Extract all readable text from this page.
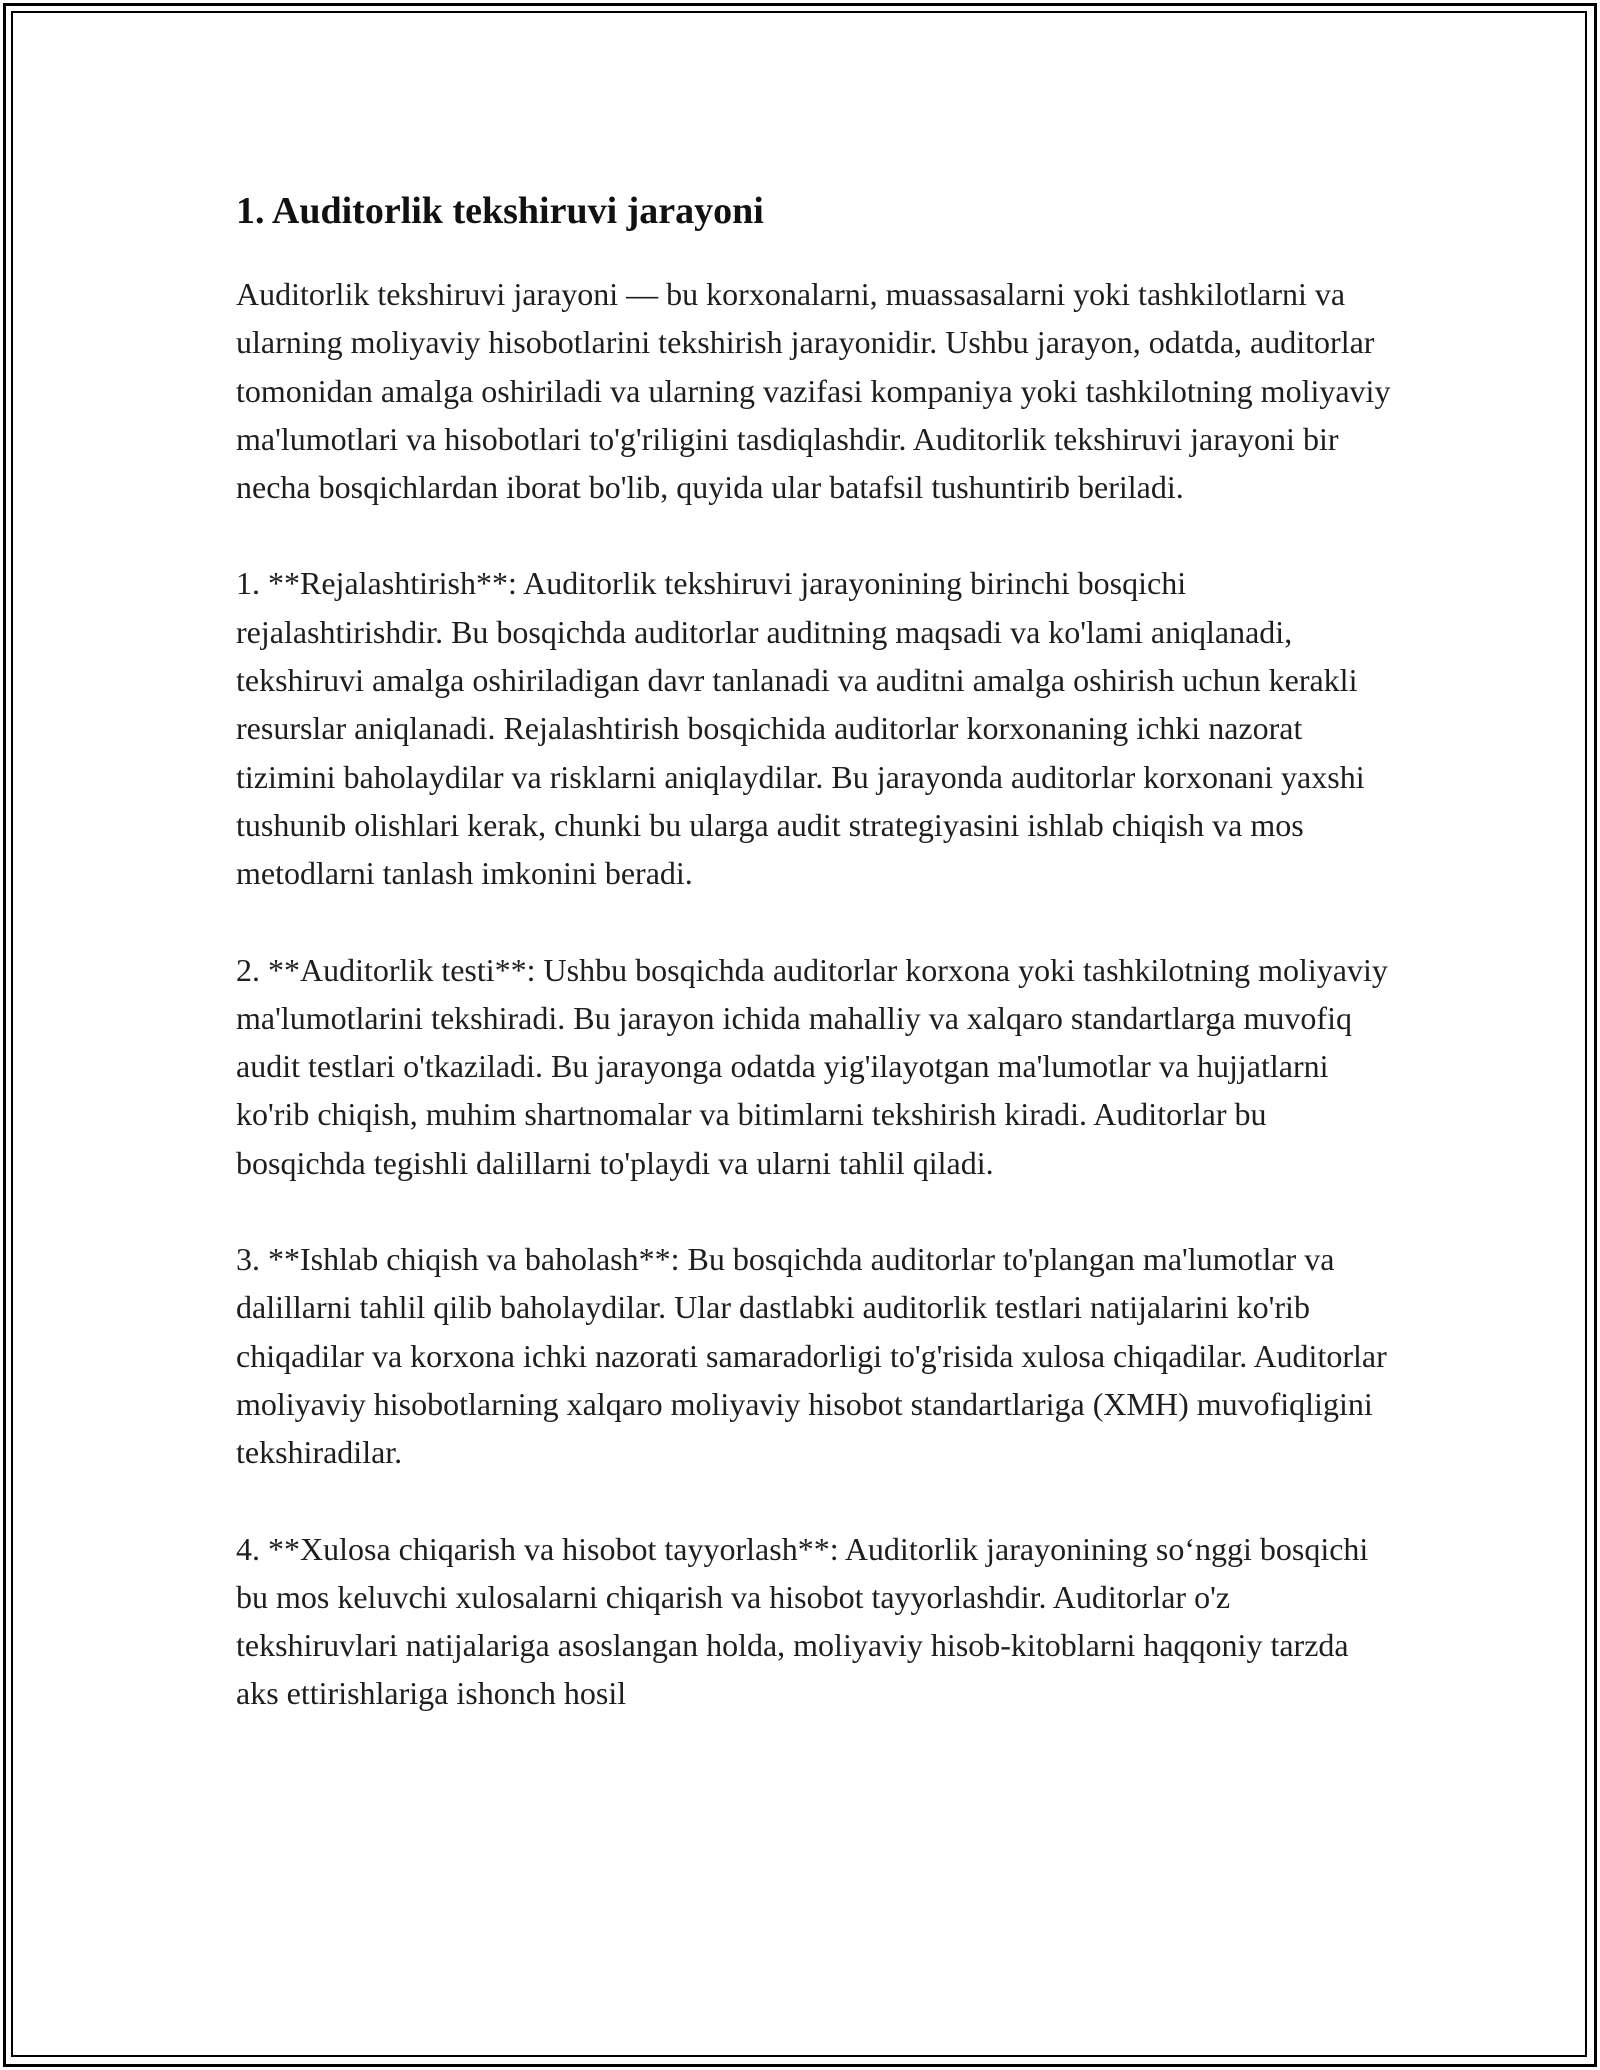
1. Auditorlik tekshiruvi jarayoni

Auditorlik tekshiruvi jarayoni — bu korxonalarni, muassasalarni yoki tashkilotlarni va ularning moliyaviy hisobotlarini tekshirish jarayonidir. Ushbu jarayon, odatda, auditorlar tomonidan amalga oshiriladi va ularning vazifasi kompaniya yoki tashkilotning moliyaviy ma'lumotlari va hisobotlari to'g'riligini tasdiqlashdir. Auditorlik tekshiruvi jarayoni bir necha bosqichlardan iborat bo'lib, quyida ular batafsil tushuntirib beriladi.

1. **Rejalashtirish**: Auditorlik tekshiruvi jarayonining birinchi bosqichi rejalashtirishdir. Bu bosqichda auditorlar auditning maqsadi va ko'lami aniqlanadi, tekshiruvi amalga oshiriladigan davr tanlanadi va auditni amalga oshirish uchun kerakli resurslar aniqlanadi. Rejalashtirish bosqichida auditorlar korxonaning ichki nazorat tizimini baholaydilar va risklarni aniqlaydilar. Bu jarayonda auditorlar korxonani yaxshi tushunib olishlari kerak, chunki bu ularga audit strategiyasini ishlab chiqish va mos metodlarni tanlash imkonini beradi.

2. **Auditorlik testi**: Ushbu bosqichda auditorlar korxona yoki tashkilotning moliyaviy ma'lumotlarini tekshiradi. Bu jarayon ichida mahalliy va xalqaro standartlarga muvofiq audit testlari o'tkaziladi. Bu jarayonga odatda yig'ilayotgan ma'lumotlar va hujjatlarni ko'rib chiqish, muhim shartnomalar va bitimlarni tekshirish kiradi. Auditorlar bu bosqichda tegishli dalillarni to'playdi va ularni tahlil qiladi.

3. **Ishlab chiqish va baholash**: Bu bosqichda auditorlar to'plangan ma'lumotlar va dalillarni tahlil qilib baholaydilar. Ular dastlabki auditorlik testlari natijalarini ko'rib chiqadilar va korxona ichki nazorati samaradorligi to'g'risida xulosa chiqadilar. Auditorlar moliyaviy hisobotlarning xalqaro moliyaviy hisobot standartlariga (XMH) muvofiqligini tekshiradilar.

4. **Xulosa chiqarish va hisobot tayyorlash**: Auditorlik jarayonining so‘nggi bosqichi bu mos keluvchi xulosalarni chiqarish va hisobot tayyorlashdir. Auditorlar o'z tekshiruvlari natijalariga asoslangan holda, moliyaviy hisob-kitoblarni haqqoniy tarzda aks ettirishlariga ishonch hosil
